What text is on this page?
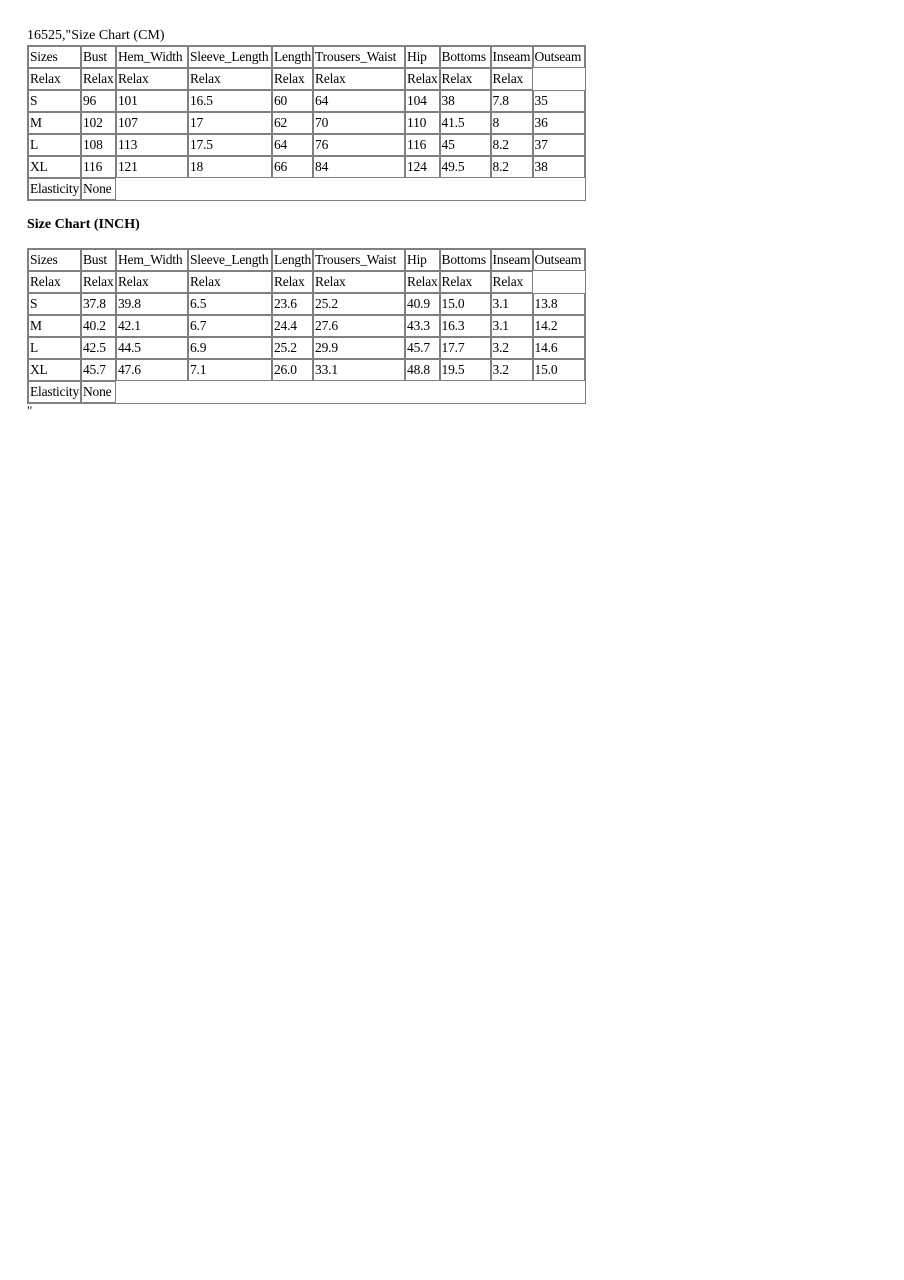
16525,"Size Chart (CM)
Sizes	Bust	Hem_Width	Sleeve_Length	Length	Trousers_Waist	Hip	Bottoms	Inseam	Outseam
Relax	Relax	Relax	Relax	Relax	Relax	Relax	Relax	Relax	
S	96	101	16.5	60	64	104	38	7.8	35
M	102	107	17	62	70	110	41.5	8	36
L	108	113	17.5	64	76	116	45	8.2	37
XL	116	121	18	66	84	124	49.5	8.2	38
Elasticity	None								
Size Chart (INCH)
Sizes	Bust	Hem_Width	Sleeve_Length	Length	Trousers_Waist	Hip	Bottoms	Inseam	Outseam
Relax	Relax	Relax	Relax	Relax	Relax	Relax	Relax	Relax	
S	37.8	39.8	6.5	23.6	25.2	40.9	15.0	3.1	13.8
M	40.2	42.1	6.7	24.4	27.6	43.3	16.3	3.1	14.2
L	42.5	44.5	6.9	25.2	29.9	45.7	17.7	3.2	14.6
XL	45.7	47.6	7.1	26.0	33.1	48.8	19.5	3.2	15.0
Elasticity	None								
"
